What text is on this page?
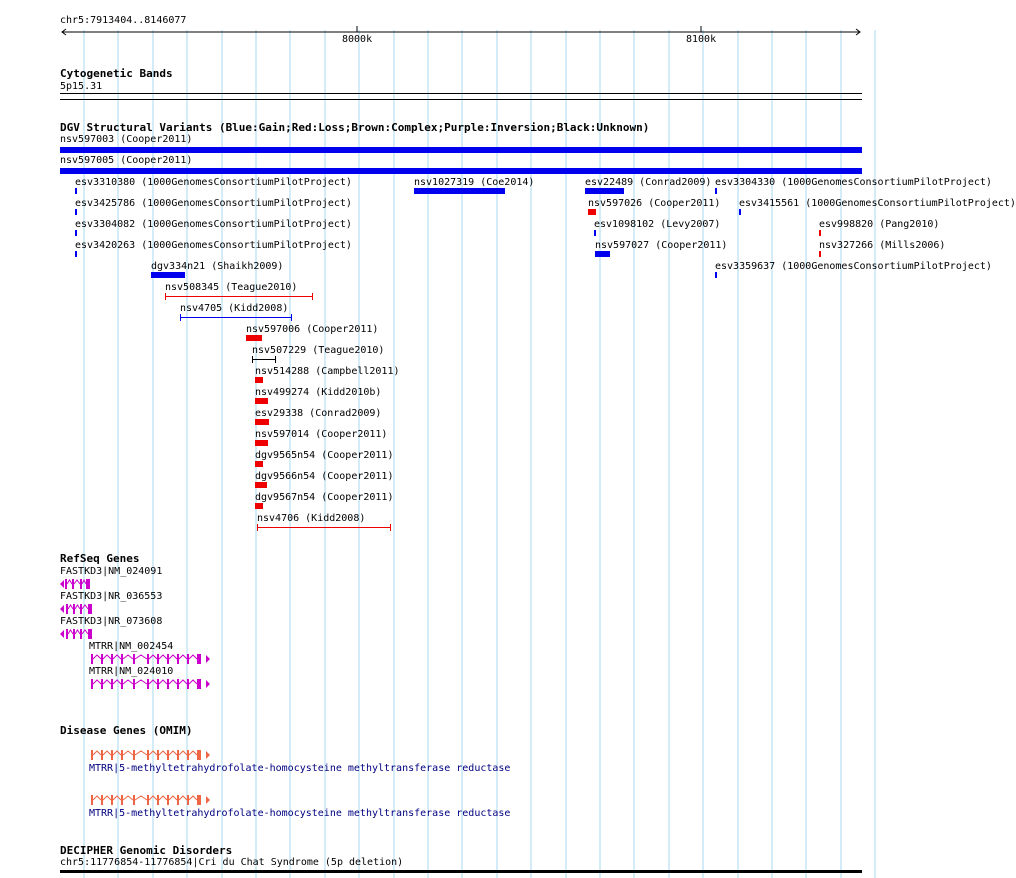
chr5:7913404..8146077
8000k	8100k
Cytogenetic Bands
5p15.31
DGV Structural Variants (Blue:Gain;Red:Loss;Brown:Complex;Purple:Inversion;Black:Unknown)
nsv597003 (Cooper2011)
nsv597005 (Cooper2011)
esv3310380 (1000GenomesConsortiumPilotProject)	nsv1027319 (Coe2014)	esv22489 (Conrad2009) esv3304330 (1000GenomesConsortiumPilotProject)
esv3425786 (1000GenomesConsortiumPilotProject)	nsv597026 (Cooper2011) esv3415561 (1000GenomesConsortiumPilotProject)
esv3304082 (1000GenomesConsortiumPilotProject)	esv1098102 (Levy2007)	esv998820 (Pang2010)
esv3420263 (1000GenomesConsortiumPilotProject)	nsv597027 (Cooper2011)	nsv327266 (Mills2006)
dgv334n21 (Shaikh2009)	esv3359637 (1000GenomesConsortiumPilotProject)
nsv508345 (Teague2010)
nsv4705 (Kidd2008)
nsv597006 (Cooper2011)
nsv507229 (Teague2010)
nsv514288 (Campbell2011)
nsv499274 (Kidd2010b)
esv29338 (Conrad2009)
nsv597014 (Cooper2011)
dgv9565n54 (Cooper2011)
dgv9566n54 (Cooper2011)
dgv9567n54 (Cooper2011)
nsv4706 (Kidd2008)
RefSeq Genes
FASTKD3|NM_024091
FASTKD3|NR_036553
FASTKD3|NR_073608
MTRR|NM_002454
MTRR|NM_024010
Disease Genes (OMIM)
MTRR|5-methyltetrahydrofolate-homocysteine methyltransferase reductase
MTRR|5-methyltetrahydrofolate-homocysteine methyltransferase reductase
DECIPHER Genomic Disorders
chr5:11776854-11776854|Cri du Chat Syndrome (5p deletion)
